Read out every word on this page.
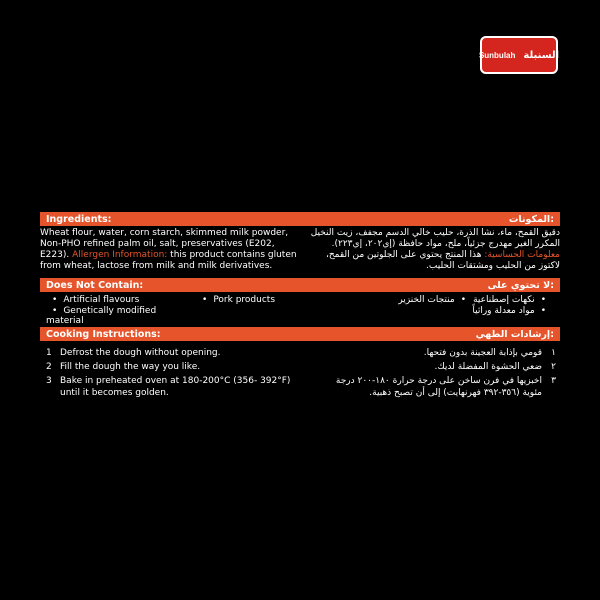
Sunbulah السنبلة
Ingredients:	المكونات:
Wheat flour, water, corn starch, skimmed milk powder, Non-PHO refined palm oil, salt, preservatives (E202, E223). Allergen Information: this product contains gluten from wheat, lactose from milk and milk derivatives.
دقيق القمح، ماء، نشا الذرة، حليب خالي الدسم مجفف، زيت النخيل المكرر الغير مهدرج جزئياً، ملح، مواد حافظة (إي٢٠٢، إي٢٢٣). معلومات الحساسية: هذا المنتج يحتوي على الجلوتين من القمح، لاكتوز من الحليب ومشتقات الحليب.
Does Not Contain:	لا تحتوي على:
• Artificial flavours
•	Pork products
• Genetically modified material
• نكهات إصطناعية
• منتجات الخنزير
• مواد معدلة وراثياً
Cooking Instructions:	إرشادات الطهي:
1 Defrost the dough without opening.
2 Fill the dough the way you like.
3 Bake in preheated oven at 180-200°C (356- 392°F) until it becomes golden.
١
قومي بإذابة العجينة بدون فتحها.
٢
ضعي الحشوة المفضلة لديك.
٣
اخبزيها في فرن ساخن على درجة حرارة ١٨٠-٢٠٠ درجة مئوية (٣٥٦-٣٩٢ فهرنهايت) إلى أن تصبح ذهبية.
